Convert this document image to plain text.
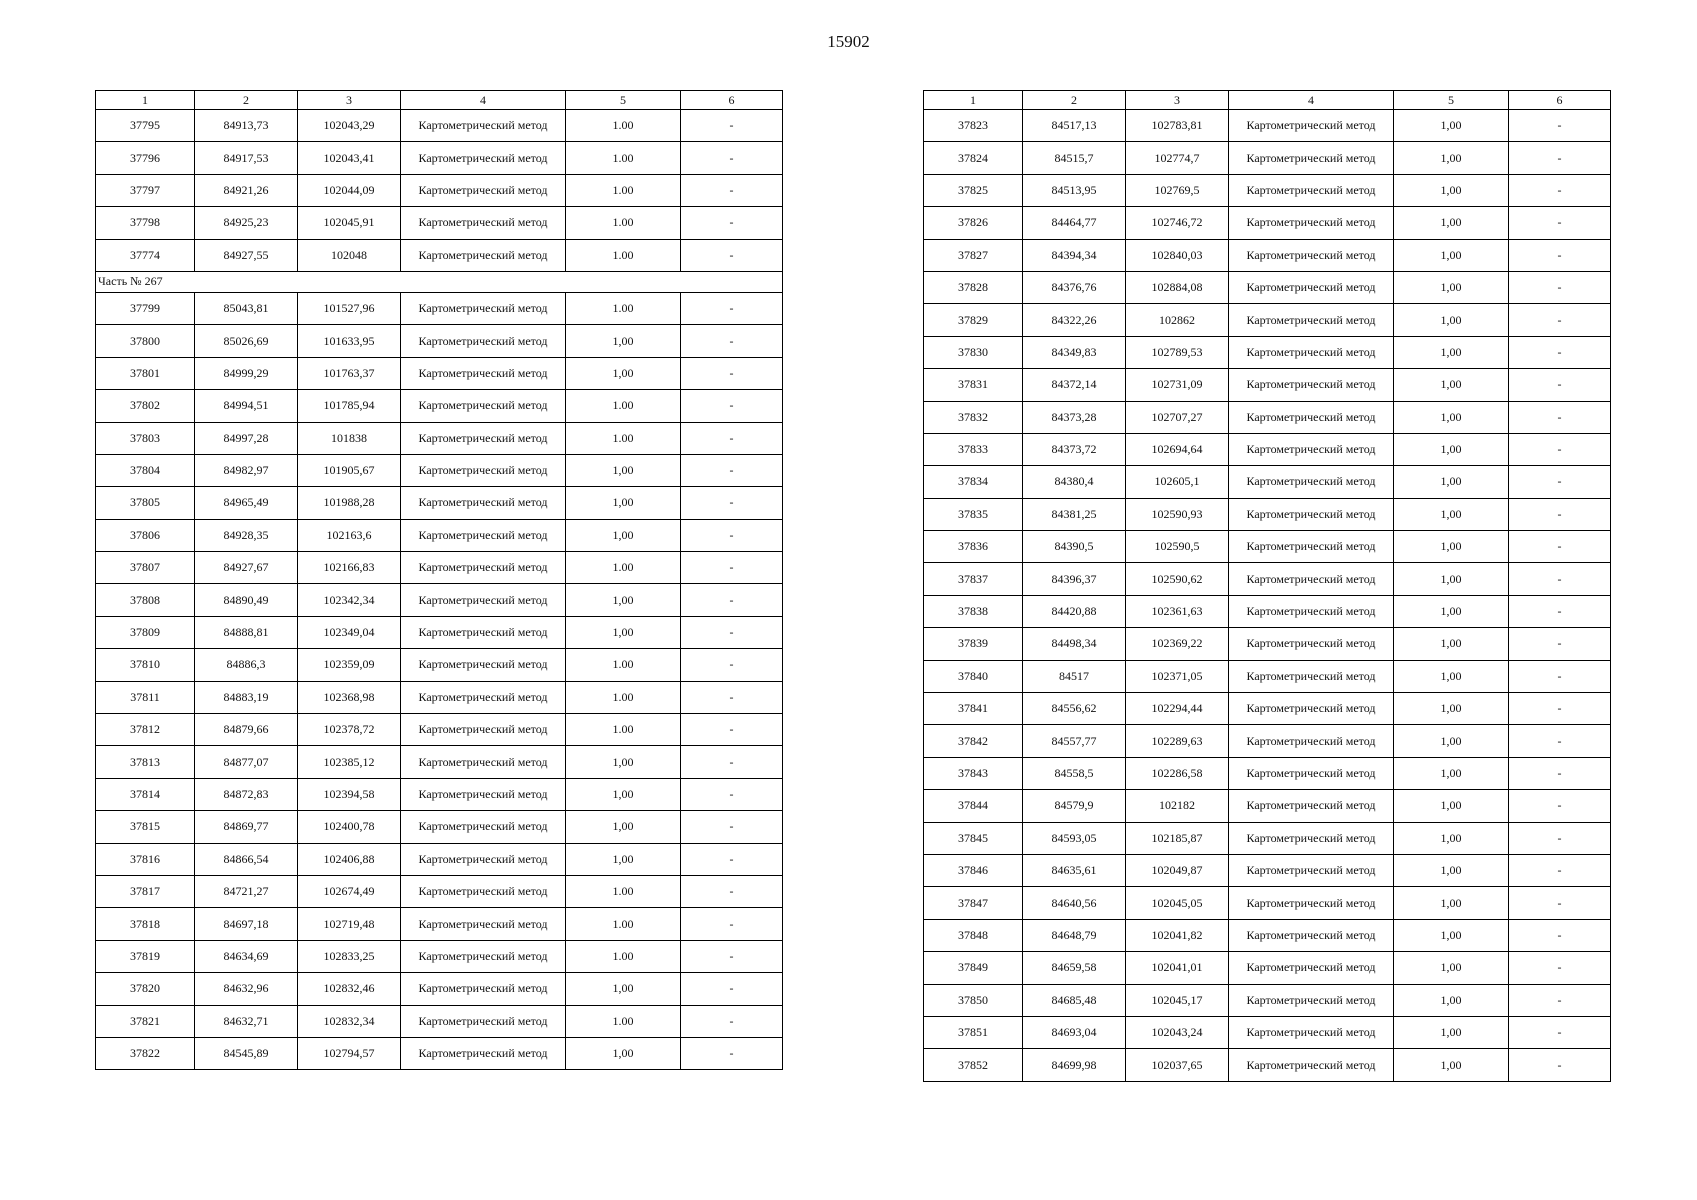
15902
1	2	3	4	5	6
37795	84913,73	102043,29	Картометрический метод	1.00	-
37796	84917,53	102043,41	Картометрический метод	1.00	-
37797	84921,26	102044,09	Картометрический метод	1.00	-
37798	84925,23	102045,91	Картометрический метод	1.00	-
37774	84927,55	102048	Картометрический метод	1.00	-
Часть № 267					
37799	85043,81	101527,96	Картометрический метод	1.00	-
37800	85026,69	101633,95	Картометрический метод	1,00	-
37801	84999,29	101763,37	Картометрический метод	1,00	-
37802	84994,51	101785,94	Картометрический метод	1.00	-
37803	84997,28	101838	Картометрический метод	1.00	-
37804	84982,97	101905,67	Картометрический метод	1,00	-
37805	84965,49	101988,28	Картометрический метод	1,00	-
37806	84928,35	102163,6	Картометрический метод	1,00	-
37807	84927,67	102166,83	Картометрический метод	1.00	-
37808	84890,49	102342,34	Картометрический метод	1,00	-
37809	84888,81	102349,04	Картометрический метод	1,00	-
37810	84886,3	102359,09	Картометрический метод	1.00	-
37811	84883,19	102368,98	Картометрический метод	1.00	-
37812	84879,66	102378,72	Картометрический метод	1.00	-
37813	84877,07	102385,12	Картометрический метод	1,00	-
37814	84872,83	102394,58	Картометрический метод	1,00	-
37815	84869,77	102400,78	Картометрический метод	1,00	-
37816	84866,54	102406,88	Картометрический метод	1,00	-
37817	84721,27	102674,49	Картометрический метод	1.00	-
37818	84697,18	102719,48	Картометрический метод	1.00	-
37819	84634,69	102833,25	Картометрический метод	1.00	-
37820	84632,96	102832,46	Картометрический метод	1,00	-
37821	84632,71	102832,34	Картометрический метод	1.00	-
37822	84545,89	102794,57	Картометрический метод	1,00	-
1	2	3	4	5	6
37823	84517,13	102783,81	Картометрический метод	1,00	-
37824	84515,7	102774,7	Картометрический метод	1,00	-
37825	84513,95	102769,5	Картометрический метод	1,00	-
37826	84464,77	102746,72	Картометрический метод	1,00	-
37827	84394,34	102840,03	Картометрический метод	1,00	-
37828	84376,76	102884,08	Картометрический метод	1,00	-
37829	84322,26	102862	Картометрический метод	1,00	-
37830	84349,83	102789,53	Картометрический метод	1,00	-
37831	84372,14	102731,09	Картометрический метод	1,00	-
37832	84373,28	102707,27	Картометрический метод	1,00	-
37833	84373,72	102694,64	Картометрический метод	1,00	-
37834	84380,4	102605,1	Картометрический метод	1,00	-
37835	84381,25	102590,93	Картометрический метод	1,00	-
37836	84390,5	102590,5	Картометрический метод	1,00	-
37837	84396,37	102590,62	Картометрический метод	1,00	-
37838	84420,88	102361,63	Картометрический метод	1,00	-
37839	84498,34	102369,22	Картометрический метод	1,00	-
37840	84517	102371,05	Картометрический метод	1,00	-
37841	84556,62	102294,44	Картометрический метод	1,00	-
37842	84557,77	102289,63	Картометрический метод	1,00	-
37843	84558,5	102286,58	Картометрический метод	1,00	-
37844	84579,9	102182	Картометрический метод	1,00	-
37845	84593,05	102185,87	Картометрический метод	1,00	-
37846	84635,61	102049,87	Картометрический метод	1,00	-
37847	84640,56	102045,05	Картометрический метод	1,00	-
37848	84648,79	102041,82	Картометрический метод	1,00	-
37849	84659,58	102041,01	Картометрический метод	1,00	-
37850	84685,48	102045,17	Картометрический метод	1,00	-
37851	84693,04	102043,24	Картометрический метод	1,00	-
37852	84699,98	102037,65	Картометрический метод	1,00	-
